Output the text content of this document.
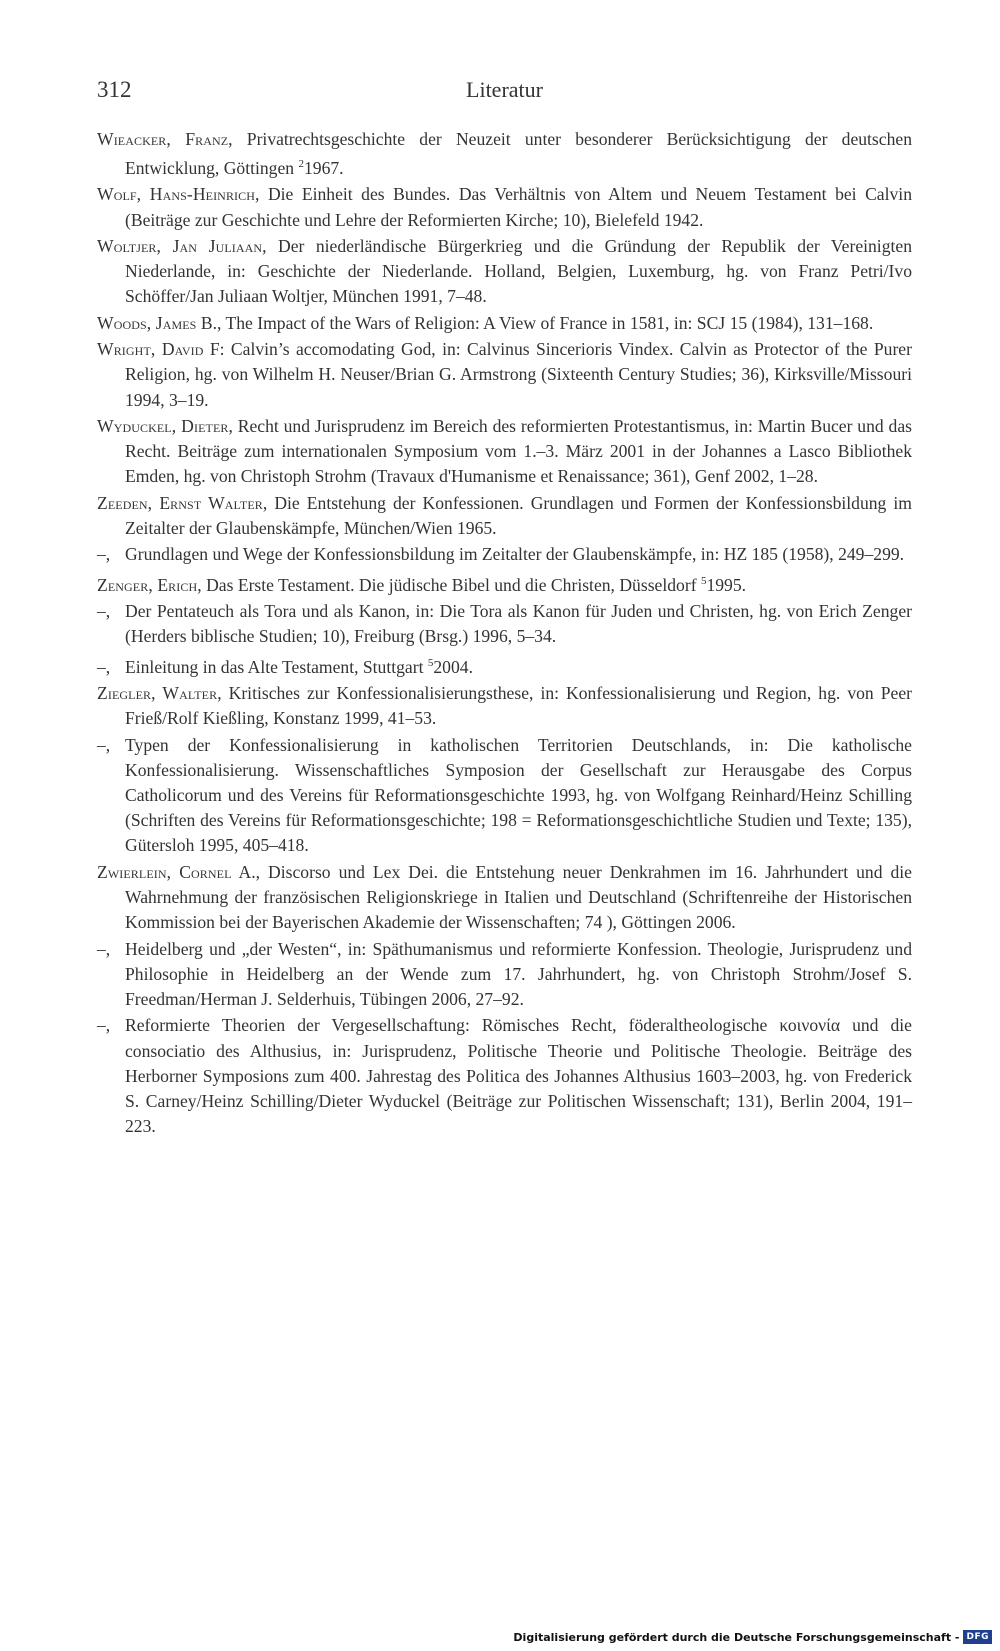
312	Literatur
Wieacker, Franz, Privatrechtsgeschichte der Neuzeit unter besonderer Berücksichtigung der deutschen Entwicklung, Göttingen $^2$1967.
Wolf, Hans-Heinrich, Die Einheit des Bundes. Das Verhältnis von Altem und Neuem Testament bei Calvin (Beiträge zur Geschichte und Lehre der Reformierten Kirche; 10), Bielefeld 1942.
Woltjer, Jan Juliaan, Der niederländische Bürgerkrieg und die Gründung der Republik der Vereinigten Niederlande, in: Geschichte der Niederlande. Holland, Belgien, Luxemburg, hg. von Franz Petri/Ivo Schöffer/Jan Juliaan Woltjer, München 1991, 7–48.
Woods, James B., The Impact of the Wars of Religion: A View of France in 1581, in: SCJ 15 (1984), 131–168.
Wright, David F: Calvin’s accomodating God, in: Calvinus Sincerioris Vindex. Calvin as Protector of the Purer Religion, hg. von Wilhelm H. Neuser/Brian G. Armstrong (Sixteenth Century Studies; 36), Kirksville/Missouri 1994, 3–19.
Wyduckel, Dieter, Recht und Jurisprudenz im Bereich des reformierten Protestantismus, in: Martin Bucer und das Recht. Beiträge zum internationalen Symposium vom 1.–3. März 2001 in der Johannes a Lasco Bibliothek Emden, hg. von Christoph Strohm (Travaux d'Humanisme et Renaissance; 361), Genf 2002, 1–28.
Zeeden, Ernst Walter, Die Entstehung der Konfessionen. Grundlagen und Formen der Konfessionsbildung im Zeitalter der Glaubenskämpfe, München/Wien 1965.
–, Grundlagen und Wege der Konfessionsbildung im Zeitalter der Glaubenskämpfe, in: HZ 185 (1958), 249–299.
Zenger, Erich, Das Erste Testament. Die jüdische Bibel und die Christen, Düsseldorf $^5$1995.
–, Der Pentateuch als Tora und als Kanon, in: Die Tora als Kanon für Juden und Christen, hg. von Erich Zenger (Herders biblische Studien; 10), Freiburg (Brsg.) 1996, 5–34.
–, Einleitung in das Alte Testament, Stuttgart $^5$2004.
Ziegler, Walter, Kritisches zur Konfessionalisierungsthese, in: Konfessionalisierung und Region, hg. von Peer Frieß/Rolf Kießling, Konstanz 1999, 41–53.
–, Typen der Konfessionalisierung in katholischen Territorien Deutschlands, in: Die katholische Konfessionalisierung. Wissenschaftliches Symposion der Gesellschaft zur Herausgabe des Corpus Catholicorum und des Vereins für Reformationsgeschichte 1993, hg. von Wolfgang Reinhard/Heinz Schilling (Schriften des Vereins für Reformationsgeschichte; 198 = Reformationsgeschichtliche Studien und Texte; 135), Gütersloh 1995, 405–418.
Zwierlein, Cornel A., Discorso und Lex Dei. die Entstehung neuer Denkrahmen im 16. Jahrhundert und die Wahrnehmung der französischen Religionskriege in Italien und Deutschland (Schriftenreihe der Historischen Kommission bei der Bayerischen Akademie der Wissenschaften; 74 ), Göttingen 2006.
–, Heidelberg und „der Westen“, in: Späthumanismus und reformierte Konfession. Theologie, Jurisprudenz und Philosophie in Heidelberg an der Wende zum 17. Jahrhundert, hg. von Christoph Strohm/Josef S. Freedman/Herman J. Selderhuis, Tübingen 2006, 27–92.
–, Reformierte Theorien der Vergesellschaftung: Römisches Recht, föderaltheologische κοινονία und die consociatio des Althusius, in: Jurisprudenz, Politische Theorie und Politische Theologie. Beiträge des Herborner Symposions zum 400. Jahrestag des Politica des Johannes Althusius 1603–2003, hg. von Frederick S. Carney/Heinz Schilling/Dieter Wyduckel (Beiträge zur Politischen Wissenschaft; 131), Berlin 2004, 191–223.
Digitalisierung gefördert durch die Deutsche Forschungsgemeinschaft - DFG
